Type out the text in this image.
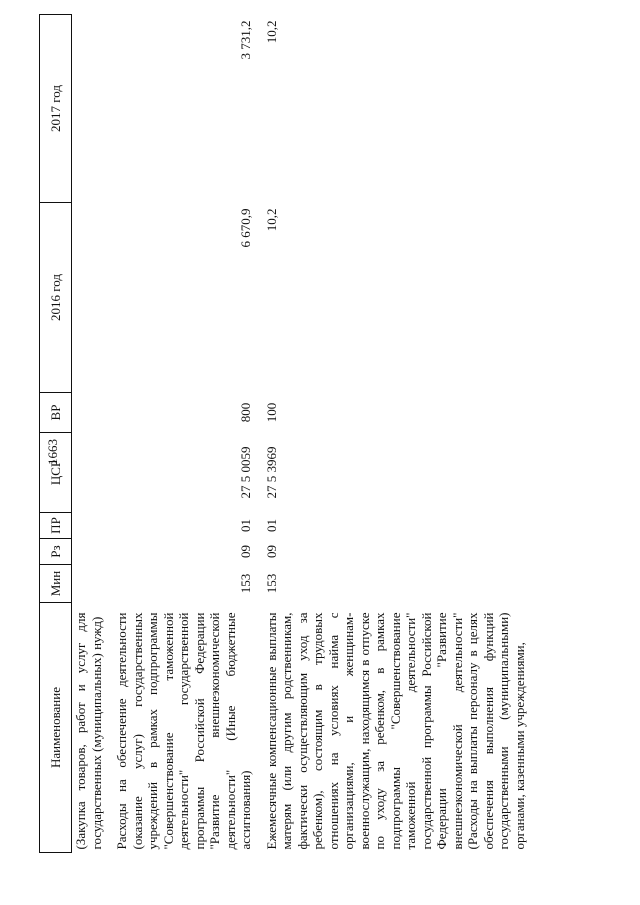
1663
Наименование	Мин	Рз	ПР	ЦСР	ВР	2016 год	2017 год
(Закупка товаров, работ и услуг для государственных (муниципальных) нужд)							

Расходы на обеспечение деятельности (оказание услуг) государственных учреждений в рамках подпрограммы "Совершенствование таможенной деятельности" государственной программы Российской Федерации "Развитие внешнеэкономической деятельности" (Иные бюджетные ассигнования)	153	09	01	27 5 0059	800	6 670,9	3 731,2

Ежемесячные компенсационные выплаты матерям (или другим родственникам, фактически осуществляющим уход за ребенком), состоящим в трудовых отношениях на условиях найма с организациями, и женщинам-военнослужащим, находящимся в отпуске по уходу за ребенком, в рамках подпрограммы "Совершенствование таможенной деятельности" государственной программы Российской Федерации "Развитие внешнеэкономической деятельности" (Расходы на выплаты персоналу в целях обеспечения выполнения функций государственными (муниципальными) органами, казенными учреждениями,	153	09	01	27 5 3969	100	10,2	10,2
